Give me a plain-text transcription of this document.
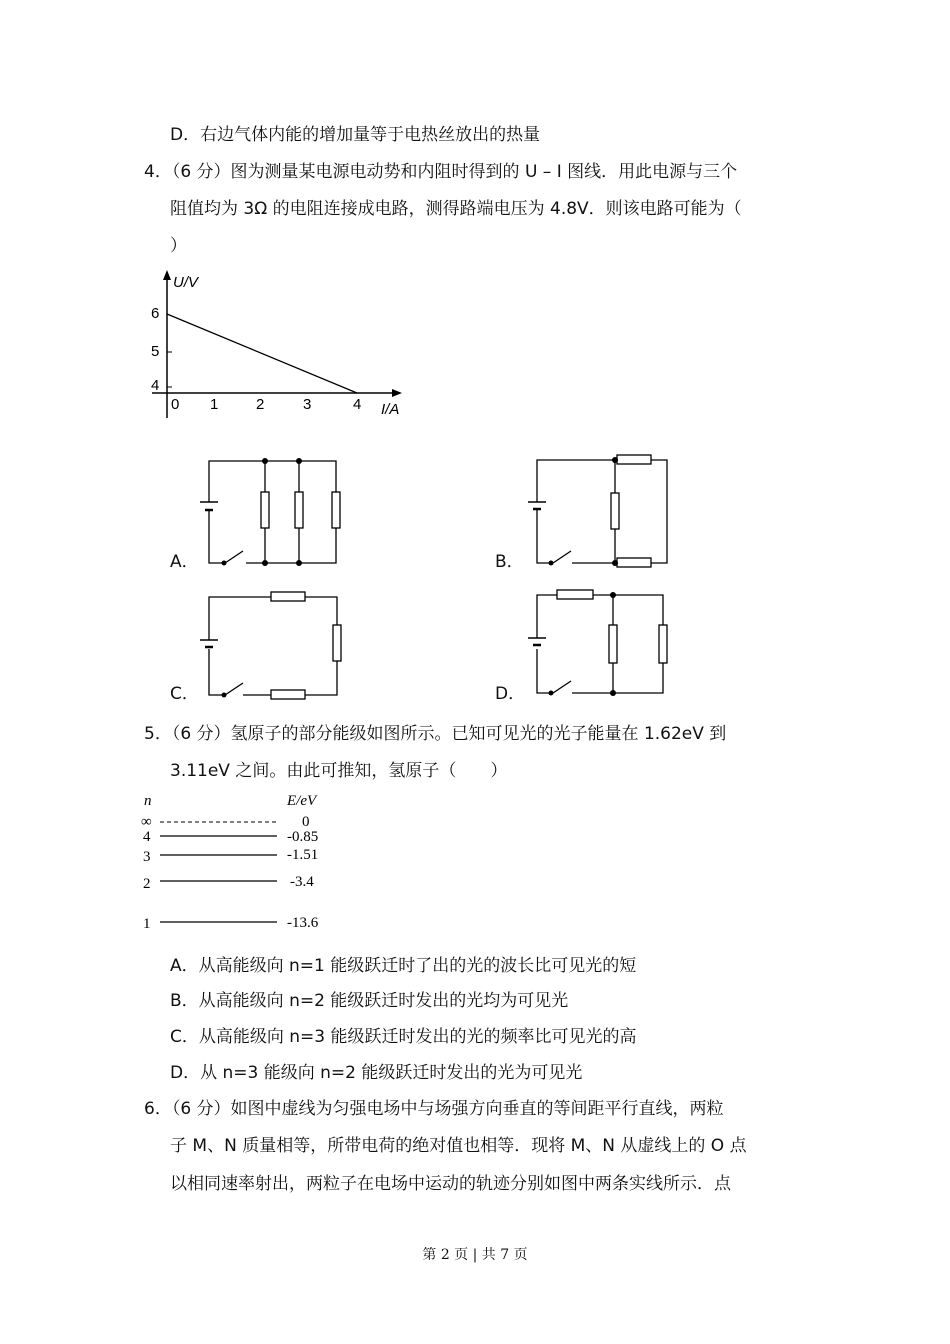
D．右边气体内能的增加量等于电热丝放出的热量
4．（6 分）图为测量某电源电动势和内阻时得到的 U – I 图线．用此电源与三个
阻值均为 3Ω 的电阻连接成电路，测得路端电压为 4.8V．则该电路可能为（
）
U/V
I/A
6
5
4
0 1	2	3	4
A．	B．
C．	D．
5．（6 分）氢原子的部分能级如图所示。已知可见光的光子能量在 1.62eV 到
3.11eV 之间。由此可推知，氢原子（　　）
n	E/eV
∞	0
4	-0.85
3	-1.51
2	-3.4
1	-13.6
A．从高能级向 n=1 能级跃迁时了出的光的波长比可见光的短
B．从高能级向 n=2 能级跃迁时发出的光均为可见光
C．从高能级向 n=3 能级跃迁时发出的光的频率比可见光的高
D．从 n=3 能级向 n=2 能级跃迁时发出的光为可见光
6．（6 分）如图中虚线为匀强电场中与场强方向垂直的等间距平行直线，两粒
子 M、N 质量相等，所带电荷的绝对值也相等．现将 M、N 从虚线上的 O 点
以相同速率射出，两粒子在电场中运动的轨迹分别如图中两条实线所示．点
第 2 页 | 共 7 页
